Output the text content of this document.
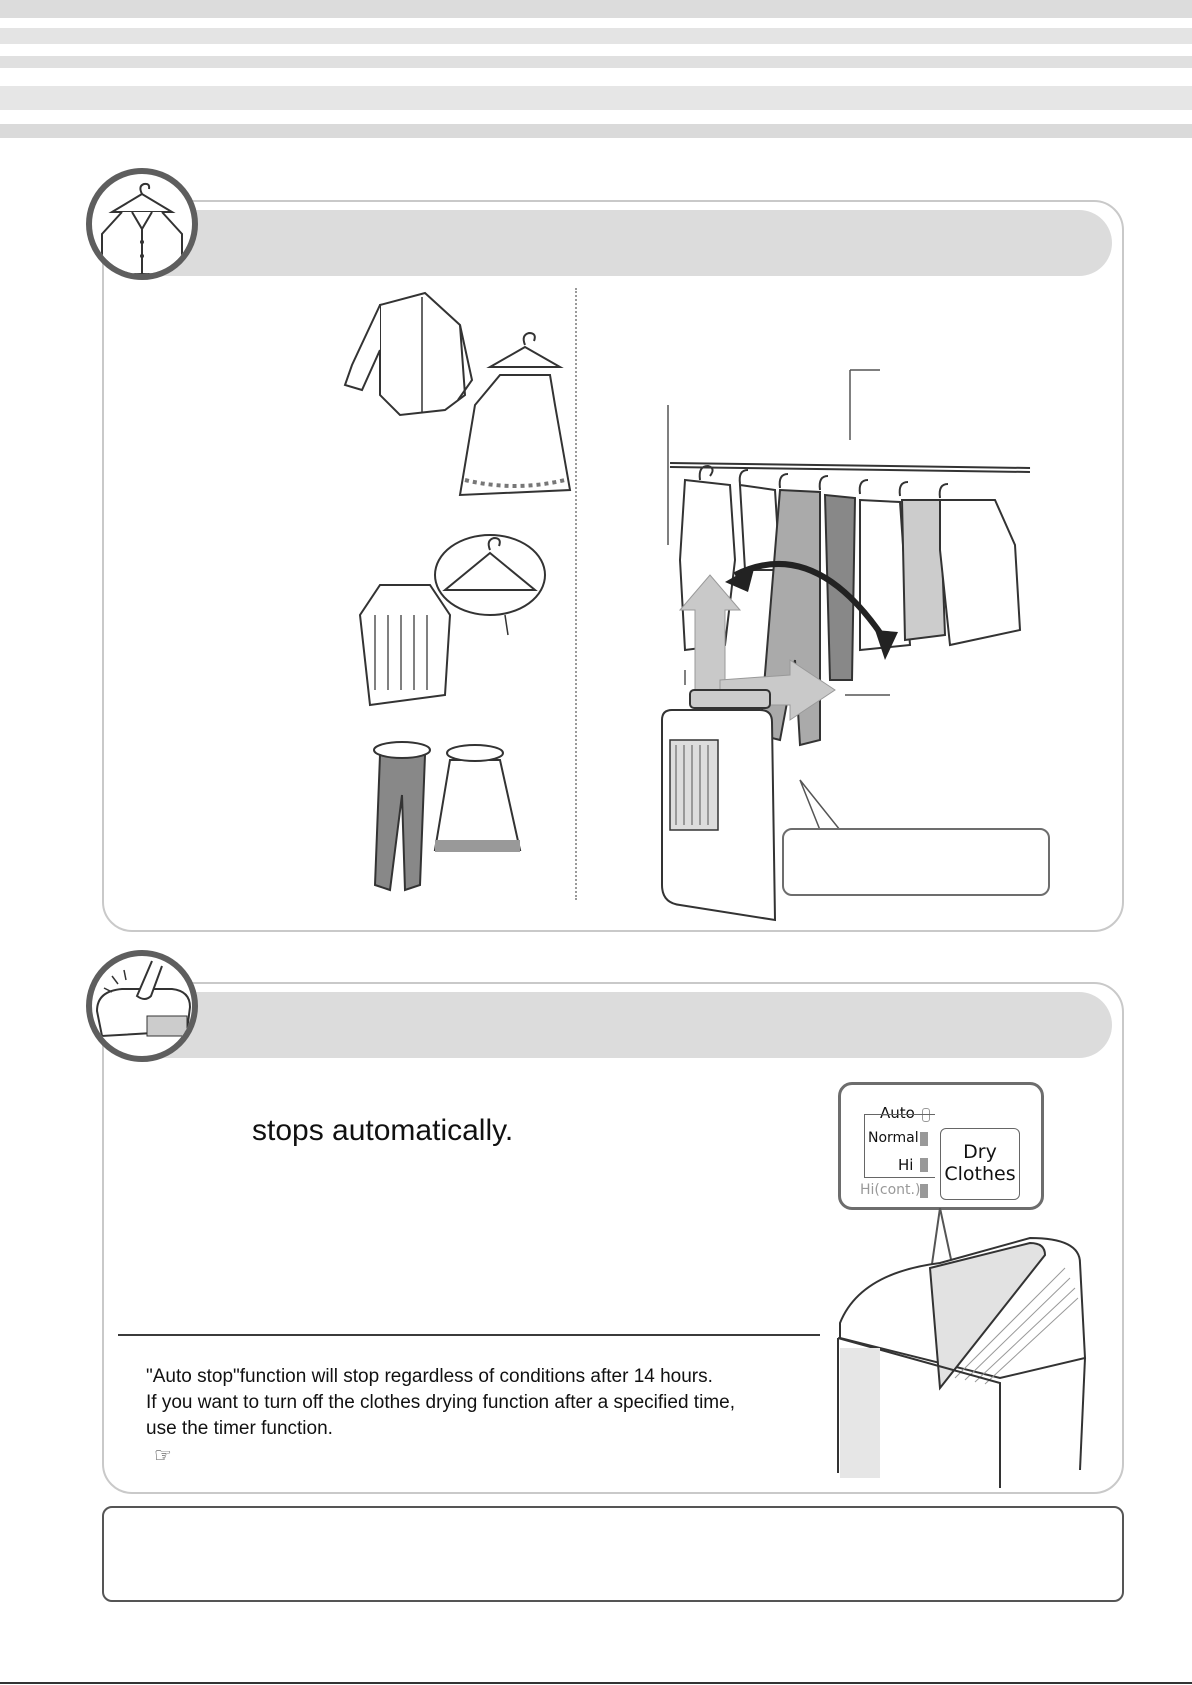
stops automatically.
"Auto stop"function will stop regardless of conditions after 14 hours.
If you want to turn off the clothes drying function after a specified time,
use the timer function.
☞
Auto
Normal
Hi
Hi(cont.)
Dry
Clothes
